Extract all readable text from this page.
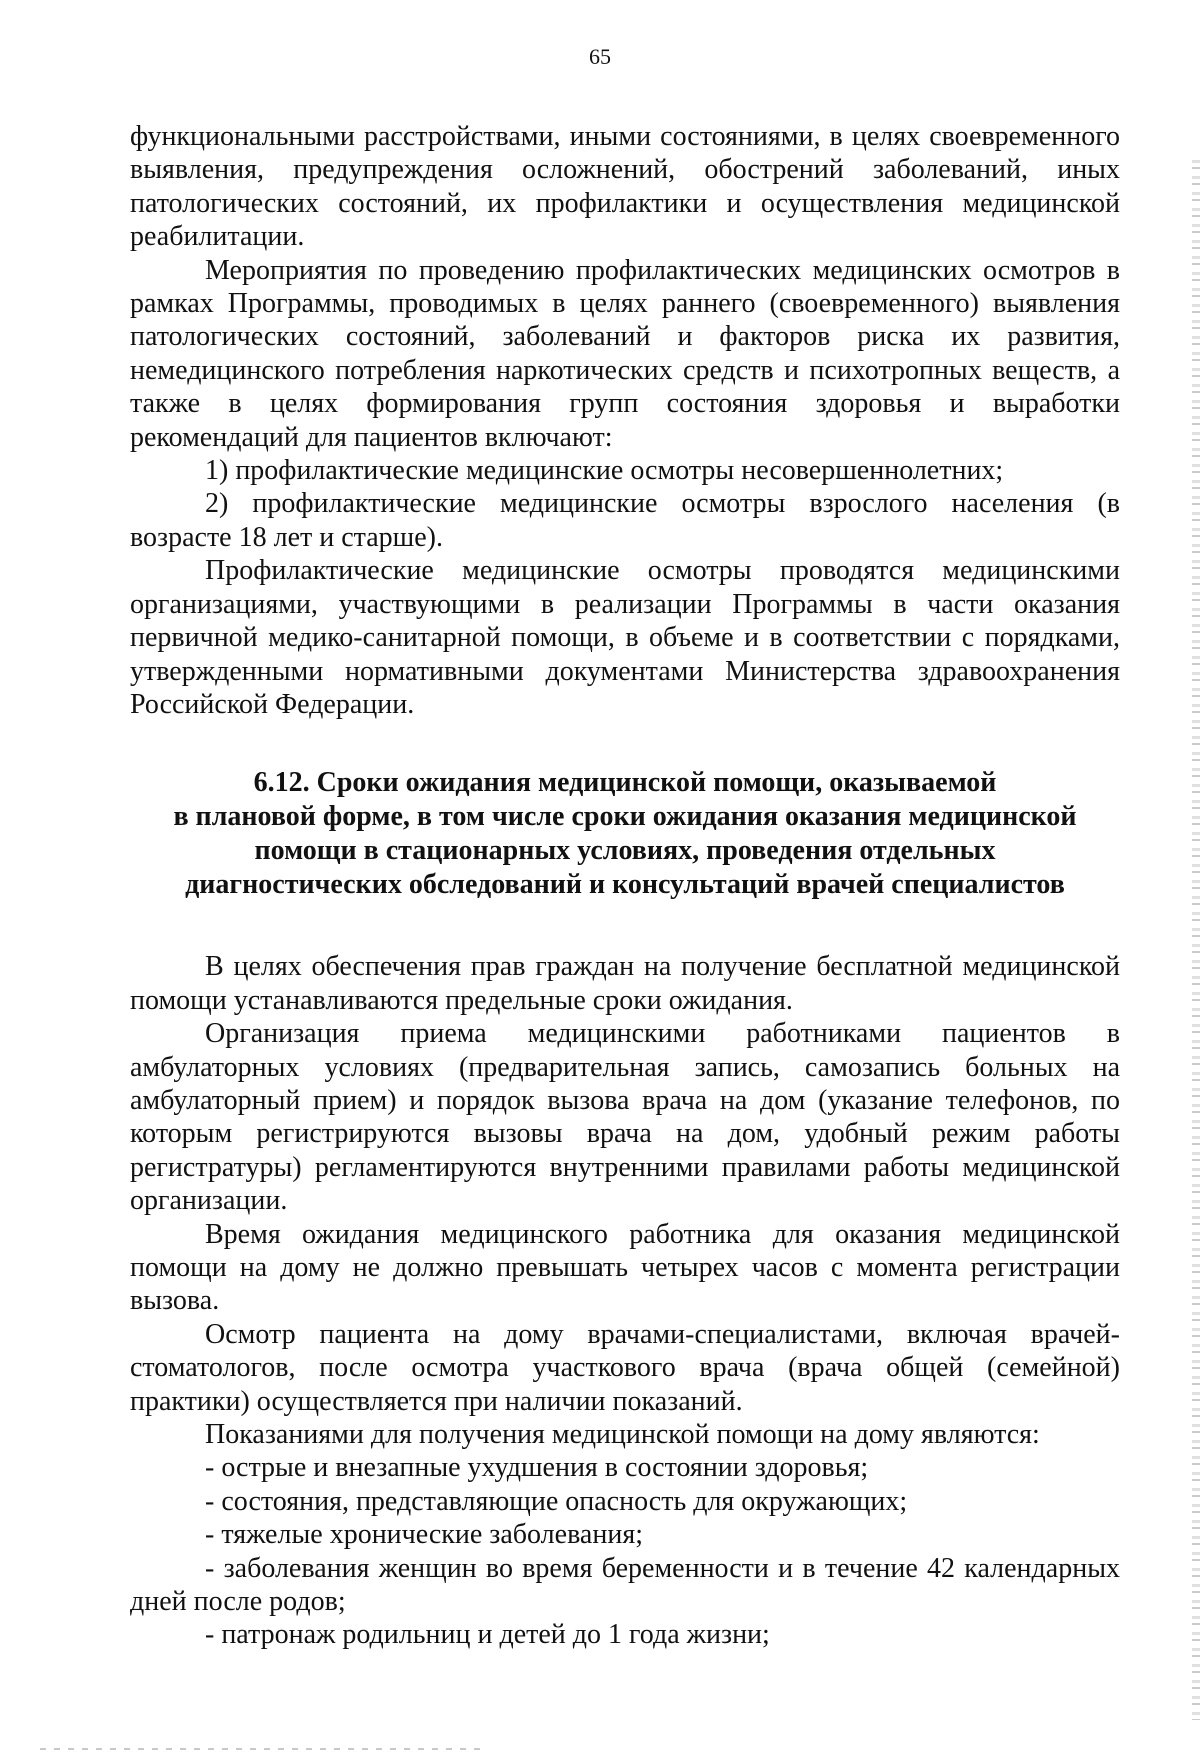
65

функциональными расстройствами, иными состояниями, в целях своевременного выявления, предупреждения осложнений, обострений заболеваний, иных патологических состояний, их профилактики и осуществления медицинской реабилитации.

Мероприятия по проведению профилактических медицинских осмотров в рамках Программы, проводимых в целях раннего (своевременного) выявления патологических состояний, заболеваний и факторов риска их развития, немедицинского потребления наркотических средств и психотропных веществ, а также в целях формирования групп состояния здоровья и выработки рекомендаций для пациентов включают:

1) профилактические медицинские осмотры несовершеннолетних;

2) профилактические медицинские осмотры взрослого населения (в возрасте 18 лет и старше).

Профилактические медицинские осмотры проводятся медицинскими организациями, участвующими в реализации Программы в части оказания первичной медико-санитарной помощи, в объеме и в соответствии с порядками, утвержденными нормативными документами Министерства здравоохранения Российской Федерации.

6.12. Сроки ожидания медицинской помощи, оказываемой
в плановой форме, в том числе сроки ожидания оказания медицинской
помощи в стационарных условиях, проведения отдельных
диагностических обследований и консультаций врачей специалистов

В целях обеспечения прав граждан на получение бесплатной медицинской помощи устанавливаются предельные сроки ожидания.

Организация приема медицинскими работниками пациентов в амбулаторных условиях (предварительная запись, самозапись больных на амбулаторный прием) и порядок вызова врача на дом (указание телефонов, по которым регистрируются вызовы врача на дом, удобный режим работы регистратуры) регламентируются внутренними правилами работы медицинской организации.

Время ожидания медицинского работника для оказания медицинской помощи на дому не должно превышать четырех часов с момента регистрации вызова.

Осмотр пациента на дому врачами-специалистами, включая врачей-стоматологов, после осмотра участкового врача (врача общей (семейной) практики) осуществляется при наличии показаний.

Показаниями для получения медицинской помощи на дому являются:

- острые и внезапные ухудшения в состоянии здоровья;

- состояния, представляющие опасность для окружающих;

- тяжелые хронические заболевания;

- заболевания женщин во время беременности и в течение 42 календарных дней после родов;

- патронаж родильниц и детей до 1 года жизни;
